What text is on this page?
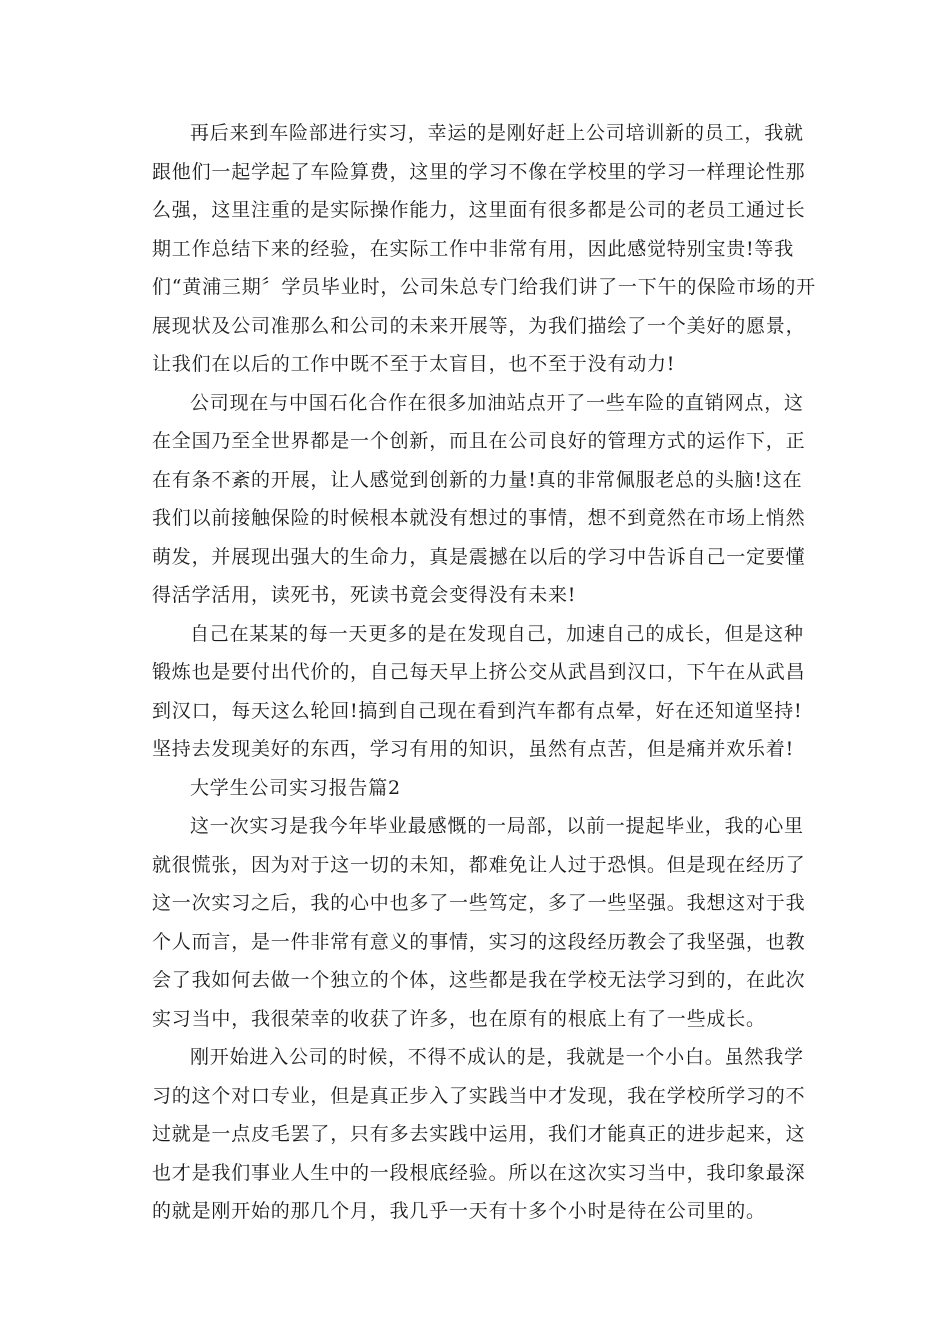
再后来到车险部进行实习，幸运的是刚好赶上公司培训新的员工，我就
跟他们一起学起了车险算费，这里的学习不像在学校里的学习一样理论性那
么强，这里注重的是实际操作能力，这里面有很多都是公司的老员工通过长
期工作总结下来的经验，在实际工作中非常有用，因此感觉特别宝贵!等我
们“黄浦三期〞学员毕业时，公司朱总专门给我们讲了一下午的保险市场的开
展现状及公司准那么和公司的未来开展等，为我们描绘了一个美好的愿景，
让我们在以后的工作中既不至于太盲目，也不至于没有动力!
公司现在与中国石化合作在很多加油站点开了一些车险的直销网点，这
在全国乃至全世界都是一个创新，而且在公司良好的管理方式的运作下，正
在有条不紊的开展，让人感觉到创新的力量!真的非常佩服老总的头脑!这在
我们以前接触保险的时候根本就没有想过的事情，想不到竟然在市场上悄然
萌发，并展现出强大的生命力，真是震撼在以后的学习中告诉自己一定要懂
得活学活用，读死书，死读书竟会变得没有未来!
自己在某某的每一天更多的是在发现自己，加速自己的成长，但是这种
锻炼也是要付出代价的，自己每天早上挤公交从武昌到汉口，下午在从武昌
到汉口，每天这么轮回!搞到自己现在看到汽车都有点晕，好在还知道坚持!
坚持去发现美好的东西，学习有用的知识，虽然有点苦，但是痛并欢乐着!
大学生公司实习报告篇2
这一次实习是我今年毕业最感慨的一局部，以前一提起毕业，我的心里
就很慌张，因为对于这一切的未知，都难免让人过于恐惧。但是现在经历了
这一次实习之后，我的心中也多了一些笃定，多了一些坚强。我想这对于我
个人而言，是一件非常有意义的事情，实习的这段经历教会了我坚强，也教
会了我如何去做一个独立的个体，这些都是我在学校无法学习到的，在此次
实习当中，我很荣幸的收获了许多，也在原有的根底上有了一些成长。
刚开始进入公司的时候，不得不成认的是，我就是一个小白。虽然我学
习的这个对口专业，但是真正步入了实践当中才发现，我在学校所学习的不
过就是一点皮毛罢了，只有多去实践中运用，我们才能真正的进步起来，这
也才是我们事业人生中的一段根底经验。所以在这次实习当中，我印象最深
的就是刚开始的那几个月，我几乎一天有十多个小时是待在公司里的。
